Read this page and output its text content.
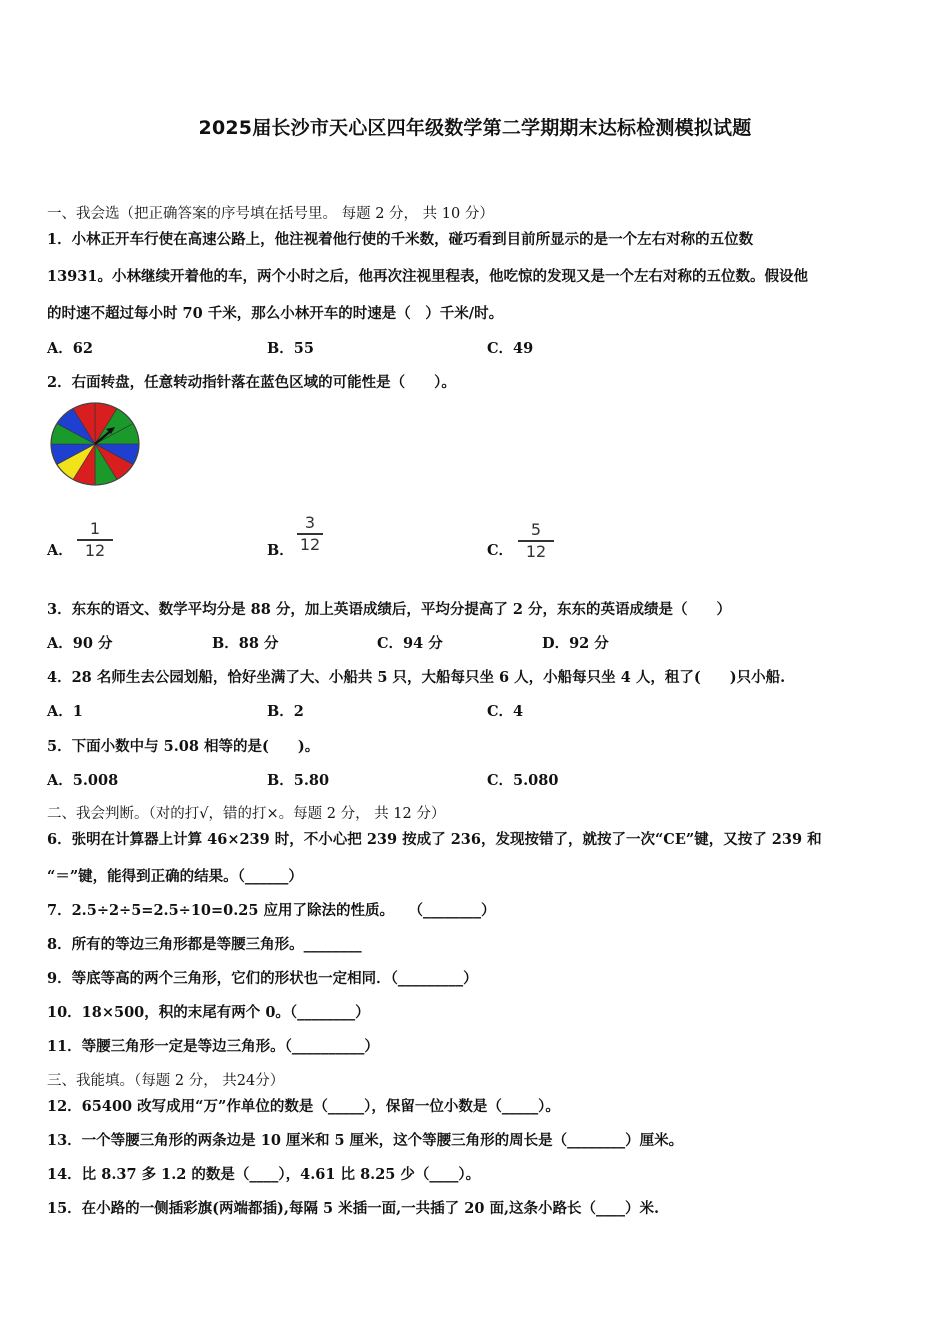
2025届长沙市天心区四年级数学第二学期期末达标检测模拟试题
一、我会选（把正确答案的序号填在括号里。 每题 2 分， 共 10 分）
1．小林正开车行使在高速公路上，他注视着他行使的千米数，碰巧看到目前所显示的是一个左右对称的五位数
13931。小林继续开着他的车，两个小时之后，他再次注视里程表，他吃惊的发现又是一个左右对称的五位数。假设他
的时速不超过每小时 70 千米，那么小林开车的时速是（　）千米/时。
A．62	B．55	C．49
2．右面转盘，任意转动指针落在蓝色区域的可能性是（　　）。
A．
1
12	B．
3
12	C．
5
12
3．东东的语文、数学平均分是 88 分，加上英语成绩后，平均分提高了 2 分，东东的英语成绩是（　　）
A．90 分	B．88 分	C．94 分	D．92 分
4．28 名师生去公园划船，恰好坐满了大、小船共 5 只，大船每只坐 6 人，小船每只坐 4 人，租了(　　)只小船.
A．1	B．2	C．4
5．下面小数中与 5.08 相等的是(　　)。
A．5.008	B．5.80	C．5.080
二、我会判断。（对的打√，错的打×。每题 2 分， 共 12 分）
6．张明在计算器上计算 46×239 时，不小心把 239 按成了 236，发现按错了，就按了一次“CE”键，又按了 239 和
“＝”键，能得到正确的结果。（______）
7．2.5÷2÷5=2.5÷10=0.25 应用了除法的性质。　　（________）
8．所有的等边三角形都是等腰三角形。________
9．等底等高的两个三角形，它们的形状也一定相同．（_________）
10．18×500，积的末尾有两个 0。（________）
11．等腰三角形一定是等边三角形。（__________）
三、我能填。（每题 2 分， 共24分）
12．65400 改写成用“万”作单位的数是（_____），保留一位小数是（_____）。
13．一个等腰三角形的两条边是 10 厘米和 5 厘米，这个等腰三角形的周长是（________）厘米。
14．比 8.37 多 1.2 的数是（____），4.61 比 8.25 少（____）。
15．在小路的一侧插彩旗(两端都插),每隔 5 米插一面,一共插了 20 面,这条小路长（____）米.
